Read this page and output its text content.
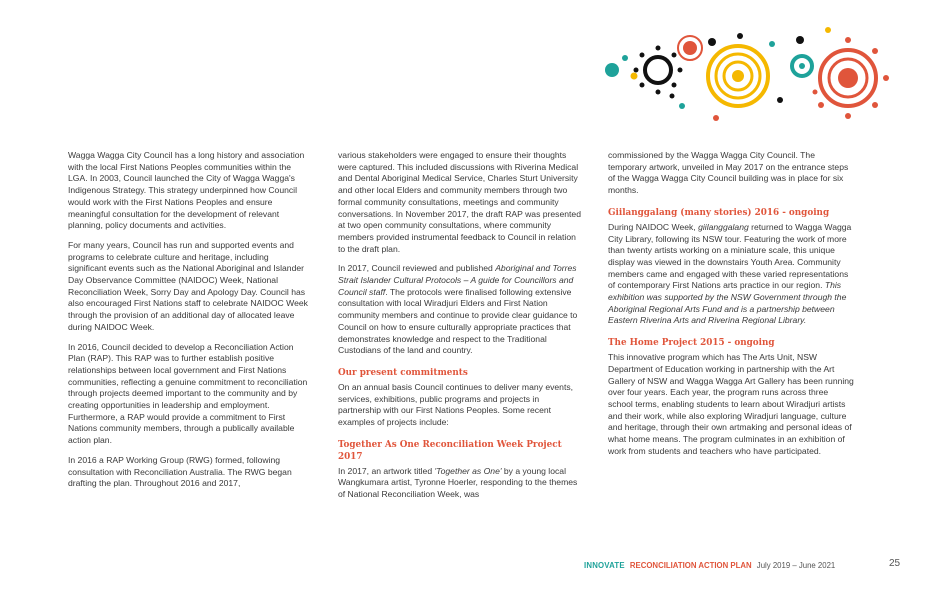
Wagga Wagga City Council has a long history and association with the local First Nations Peoples communities within the LGA. In 2003, Council launched the City of Wagga Wagga's Indigenous Strategy. This strategy underpinned how Council would work with the First Nations Peoples and ensure meaningful consultation for the development of relevant planning, policy documents and activities.

For many years, Council has run and supported events and programs to celebrate culture and heritage, including significant events such as the National Aboriginal and Islander Day Observance Committee (NAIDOC) Week, National Reconciliation Week, Sorry Day and Apology Day. Council has also encouraged First Nations staff to celebrate NAIDOC Week through the provision of an additional day of allocated leave during NAIDOC Week.

In 2016, Council decided to develop a Reconciliation Action Plan (RAP). This RAP was to further establish positive relationships between local government and First Nations communities, reflecting a genuine commitment to reconciliation through projects deemed important to the community and by creating opportunities in leadership and employment. Furthermore, a RAP would provide a commitment to First Nations community members, through a publically available action plan.

In 2016 a RAP Working Group (RWG) formed, following consultation with Reconciliation Australia. The RWG began drafting the plan. Throughout 2016 and 2017,

various stakeholders were engaged to ensure their thoughts were captured. This included discussions with Riverina Medical and Dental Aboriginal Medical Service, Charles Sturt University and other local Elders and community members through two formal community consultations, meetings and community conversations. In November 2017, the draft RAP was presented at two open community consultations, where community members provided instrumental feedback to Council in relation to the draft plan.

In 2017, Council reviewed and published Aboriginal and Torres Strait Islander Cultural Protocols – A guide for Councillors and Council staff. The protocols were finalised following extensive consultation with local Wiradjuri Elders and First Nation community members and continue to provide clear guidance to Council on how to ensure culturally appropriate practices that demonstrates knowledge and respect to the Traditional Custodians of the land and country.

Our present commitments

On an annual basis Council continues to deliver many events, services, exhibitions, public programs and projects in partnership with our First Nations Peoples. Some recent examples of projects include:

Together As One Reconciliation Week Project 2017

In 2017, an artwork titled 'Together as One' by a young local Wangkumara artist, Tyronne Hoerler, responding to the themes of National Reconciliation Week, was

commissioned by the Wagga Wagga City Council. The temporary artwork, unveiled in May 2017 on the entrance steps of the Wagga Wagga City Council building was in place for six months.

Giilanggalang (many stories) 2016 - ongoing

During NAIDOC Week, giilanggalang returned to Wagga Wagga City Library, following its NSW tour. Featuring the work of more than twenty artists working on a miniature scale, this unique display was viewed in the downstairs Youth Area. Community members came and engaged with these varied representations of contemporary First Nations arts practice in our region. This exhibition was supported by the NSW Government through the Aboriginal Regional Arts Fund and is a partnership between Eastern Riverina Arts and Riverina Regional Library.

The Home Project 2015 - ongoing

This innovative program which has The Arts Unit, NSW Department of Education working in partnership with the Art Gallery of NSW and Wagga Wagga Art Gallery has been running over four years. Each year, the program runs across three school terms, enabling students to learn about Wiradjuri artists and their work, while also exploring Wiradjuri language, culture and heritage, through their own artmaking and personal ideas of what home means. The program culminates in an exhibition of work from students and teachers who have participated.

INNOVATE RECONCILIATION ACTION PLAN July 2019 – June 2021	25
